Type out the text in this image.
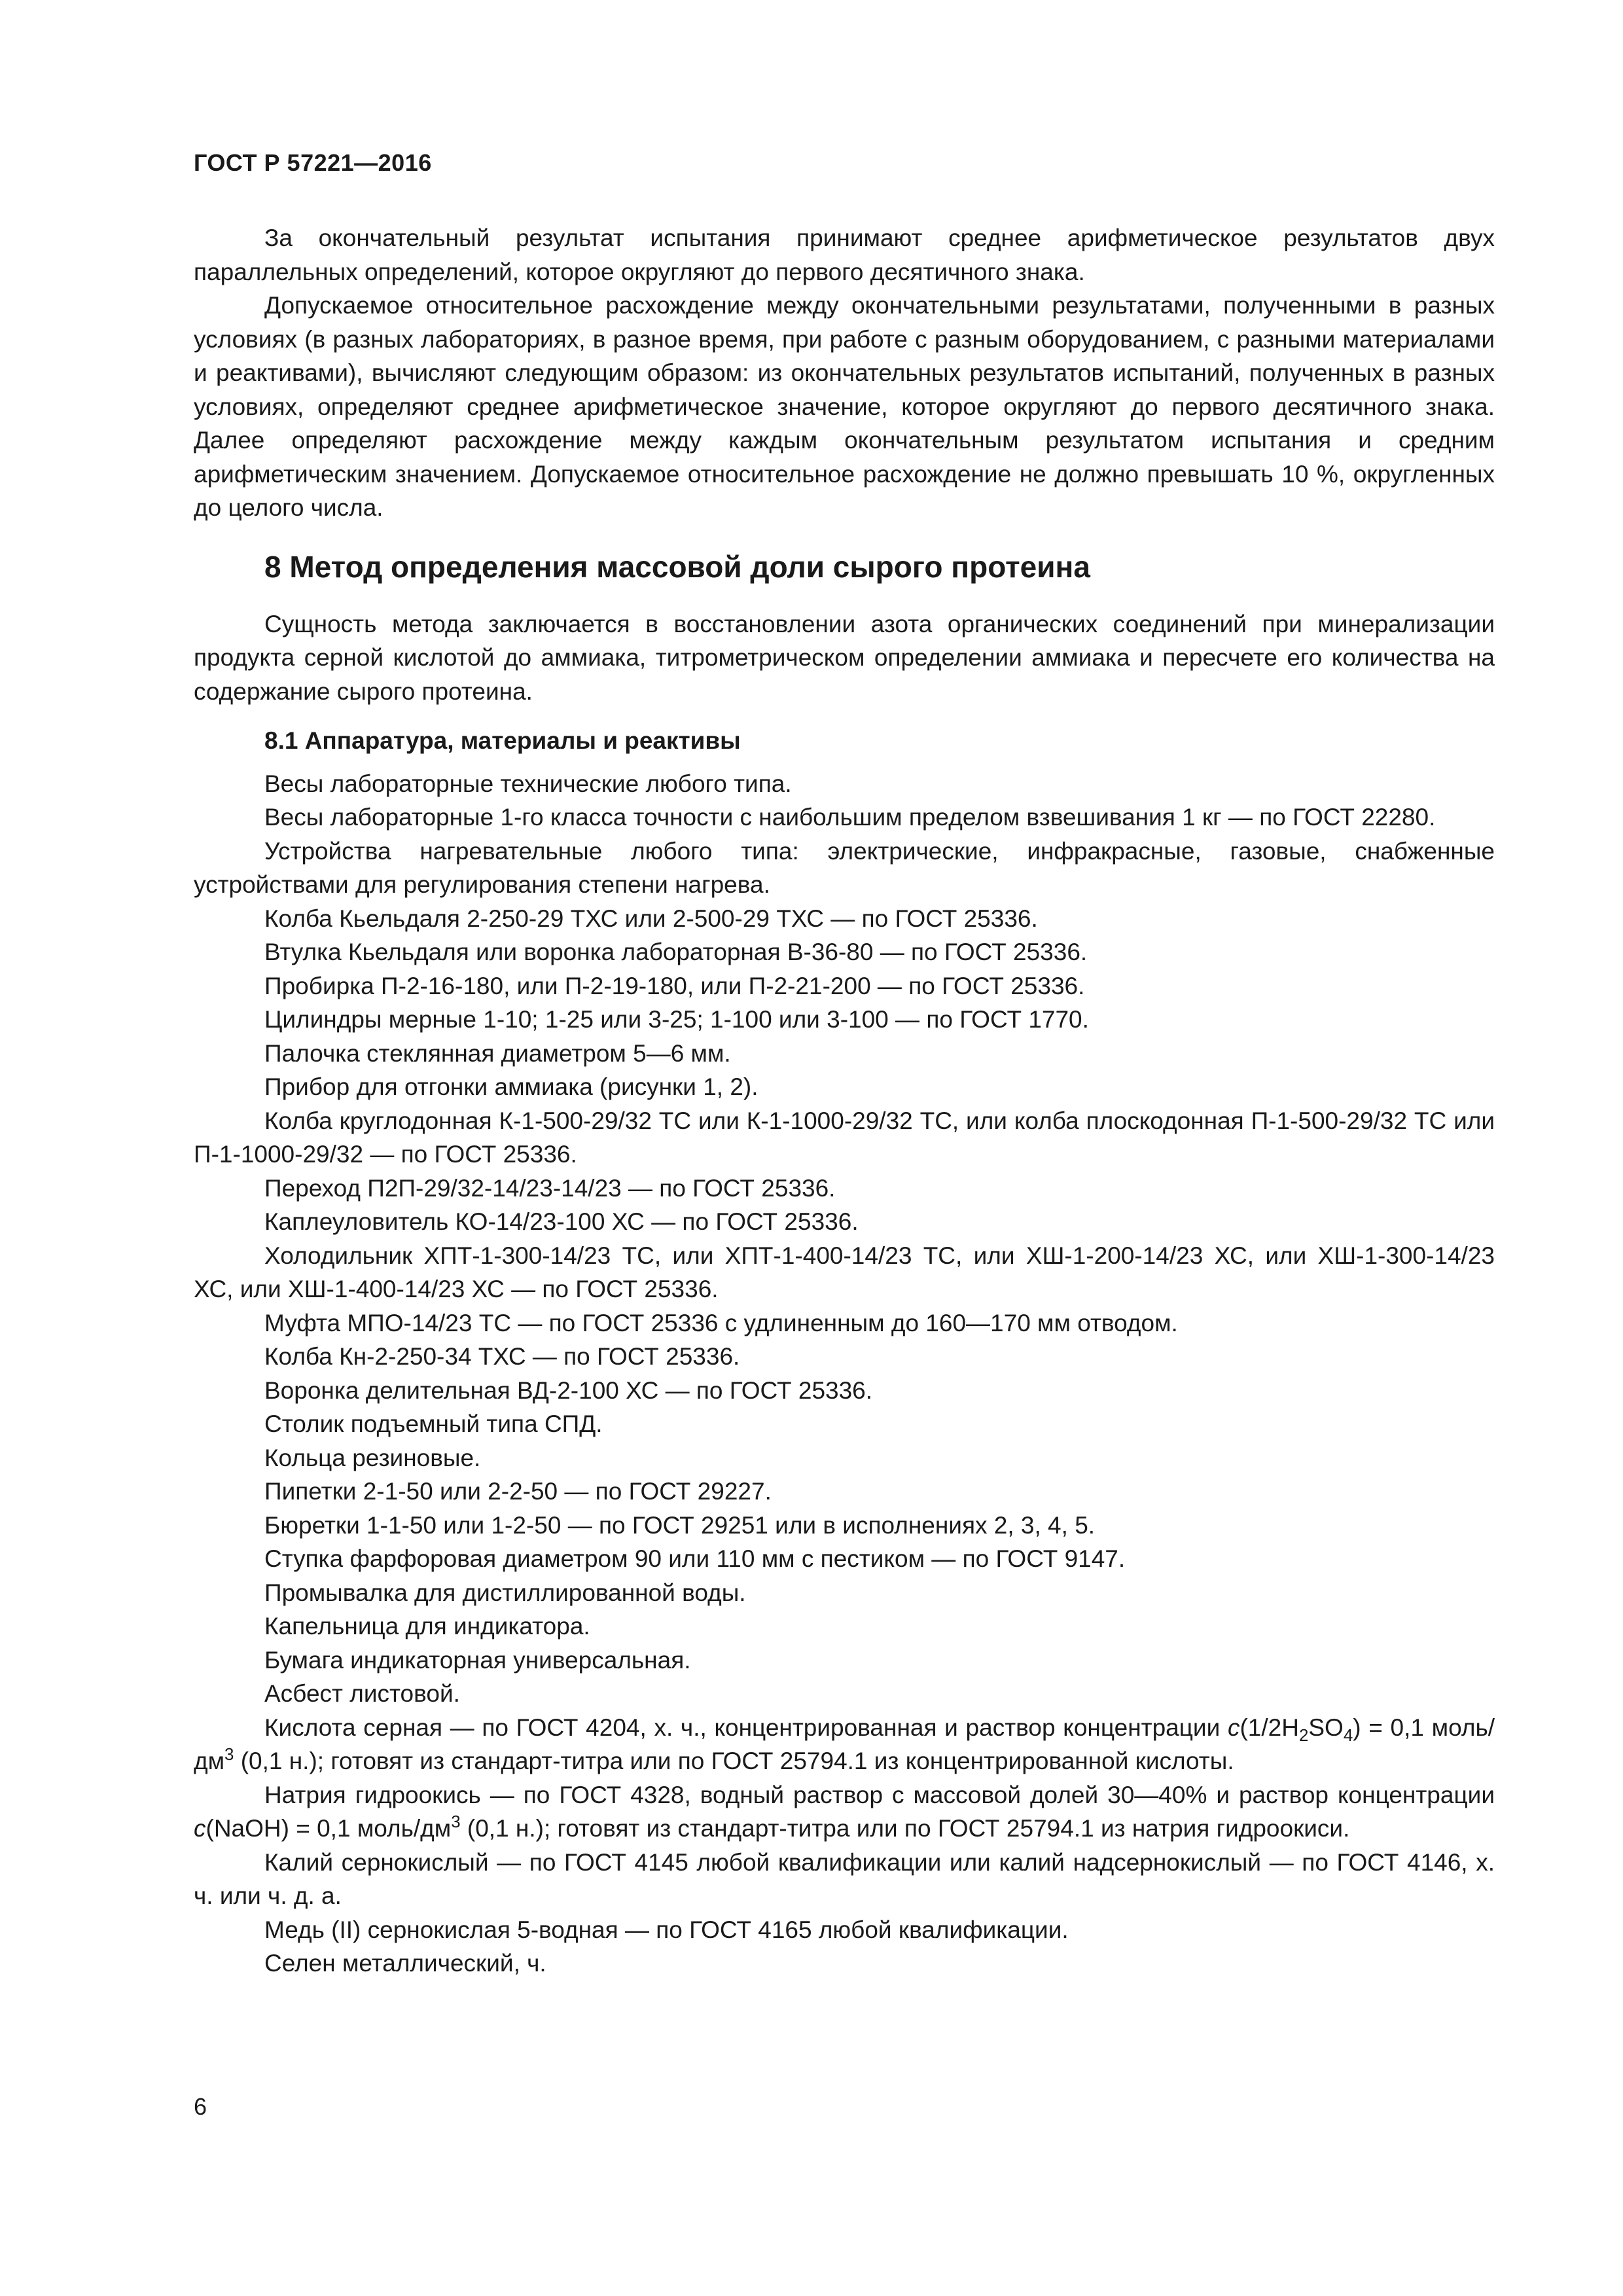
ГОСТ Р 57221—2016

За окончательный результат испытания принимают среднее арифметическое результатов двух параллельных определений, которое округляют до первого десятичного знака.

Допускаемое относительное расхождение между окончательными результатами, полученными в разных условиях (в разных лабораториях, в разное время, при работе с разным оборудованием, с разными материалами и реактивами), вычисляют следующим образом: из окончательных результатов испытаний, полученных в разных условиях, определяют среднее арифметическое значение, которое округляют до первого десятичного знака. Далее определяют расхождение между каждым окончательным результатом испытания и средним арифметическим значением. Допускаемое относительное расхождение не должно превышать 10 %, округленных до целого числа.

8 Метод определения массовой доли сырого протеина

Сущность метода заключается в восстановлении азота органических соединений при минерализации продукта серной кислотой до аммиака, титрометрическом определении аммиака и пересчете его количества на содержание сырого протеина.

8.1 Аппаратура, материалы и реактивы

Весы лабораторные технические любого типа.

Весы лабораторные 1-го класса точности с наибольшим пределом взвешивания 1 кг — по ГОСТ 22280.

Устройства нагревательные любого типа: электрические, инфракрасные, газовые, снабженные устройствами для регулирования степени нагрева.

Колба Кьельдаля 2-250-29 ТХС или 2-500-29 ТХС — по ГОСТ 25336.

Втулка Кьельдаля или воронка лабораторная В-36-80 — по ГОСТ 25336.

Пробирка П-2-16-180, или П-2-19-180, или П-2-21-200 — по ГОСТ 25336.

Цилиндры мерные 1-10; 1-25 или 3-25; 1-100 или 3-100 — по ГОСТ 1770.

Палочка стеклянная диаметром 5—6 мм.

Прибор для отгонки аммиака (рисунки 1, 2).

Колба круглодонная К-1-500-29/32 ТС или К-1-1000-29/32 ТС, или колба плоскодонная П-1-500-29/32 ТС или П-1-1000-29/32 — по ГОСТ 25336.

Переход П2П-29/32-14/23-14/23 — по ГОСТ 25336.

Каплеуловитель КО-14/23-100 ХС — по ГОСТ 25336.

Холодильник ХПТ-1-300-14/23 ТС, или ХПТ-1-400-14/23 ТС, или ХШ-1-200-14/23 ХС, или ХШ-1-300-14/23 ХС, или ХШ-1-400-14/23 ХС — по ГОСТ 25336.

Муфта МПО-14/23 ТС — по ГОСТ 25336 с удлиненным до 160—170 мм отводом.

Колба Кн-2-250-34 ТХС — по ГОСТ 25336.

Воронка делительная ВД-2-100 ХС — по ГОСТ 25336.

Столик подъемный типа СПД.

Кольца резиновые.

Пипетки 2-1-50 или 2-2-50 — по ГОСТ 29227.

Бюретки 1-1-50 или 1-2-50 — по ГОСТ 29251 или в исполнениях 2, 3, 4, 5.

Ступка фарфоровая диаметром 90 или 110 мм с пестиком — по ГОСТ 9147.

Промывалка для дистиллированной воды.

Капельница для индикатора.

Бумага индикаторная универсальная.

Асбест листовой.

Кислота серная — по ГОСТ 4204, х. ч., концентрированная и раствор концентрации $c(1/2H_2SO_4) = 0,1$ моль/$дм^3$ (0,1 н.); готовят из стандарт-титра или по ГОСТ 25794.1 из концентрированной кислоты.

Натрия гидроокись — по ГОСТ 4328, водный раствор с массовой долей 30—40% и раствор концентрации c(NaOH) = 0,1 моль/$дм^3$ (0,1 н.); готовят из стандарт-титра или по ГОСТ 25794.1 из натрия гидроокиси.

Калий сернокислый — по ГОСТ 4145 любой квалификации или калий надсернокислый — по ГОСТ 4146, х. ч. или ч. д. а.

Медь (II) сернокислая 5-водная — по ГОСТ 4165 любой квалификации.

Селен металлический, ч.

6
